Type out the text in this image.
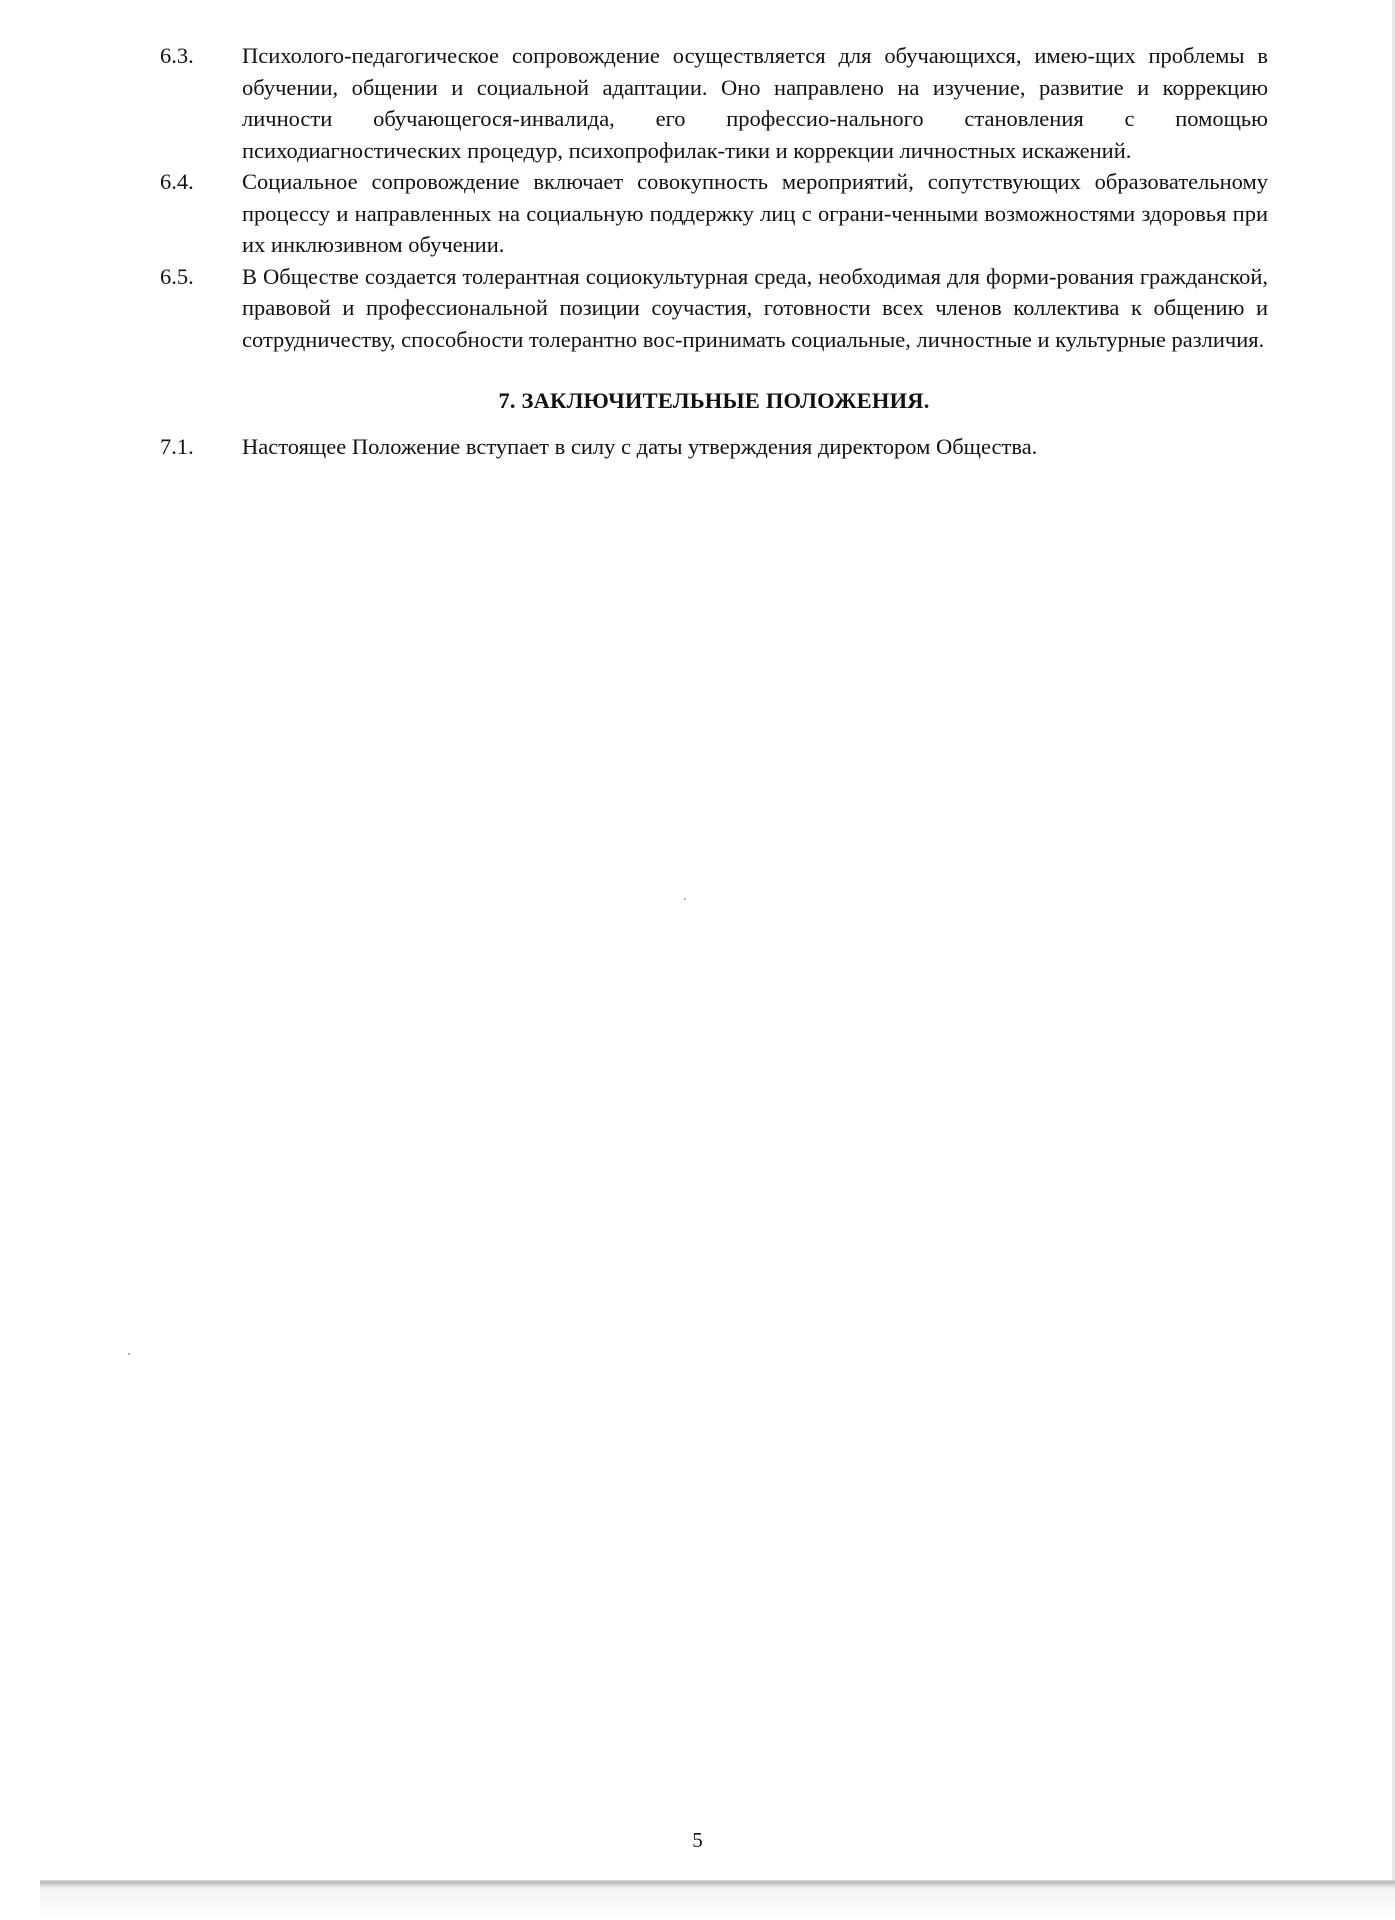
6.3.	Психолого-педагогическое сопровождение осуществляется для обучающихся, имею-щих проблемы в обучении, общении и социальной адаптации. Оно направлено на изучение, развитие и коррекцию личности обучающегося-инвалида, его профессио-нального становления с помощью психодиагностических процедур, психопрофилак-тики и коррекции личностных искажений.
6.4.	Социальное сопровождение включает совокупность мероприятий, сопутствующих образовательному процессу и направленных на социальную поддержку лиц с ограни-ченными возможностями здоровья при их инклюзивном обучении.
6.5.	В Обществе создается толерантная социокультурная среда, необходимая для форми-рования гражданской, правовой и профессиональной позиции соучастия, готовности всех членов коллектива к общению и сотрудничеству, способности толерантно вос-принимать социальные, личностные и культурные различия.
7. ЗАКЛЮЧИТЕЛЬНЫЕ ПОЛОЖЕНИЯ.
7.1.	Настоящее Положение вступает в силу с даты утверждения директором Общества.
5
